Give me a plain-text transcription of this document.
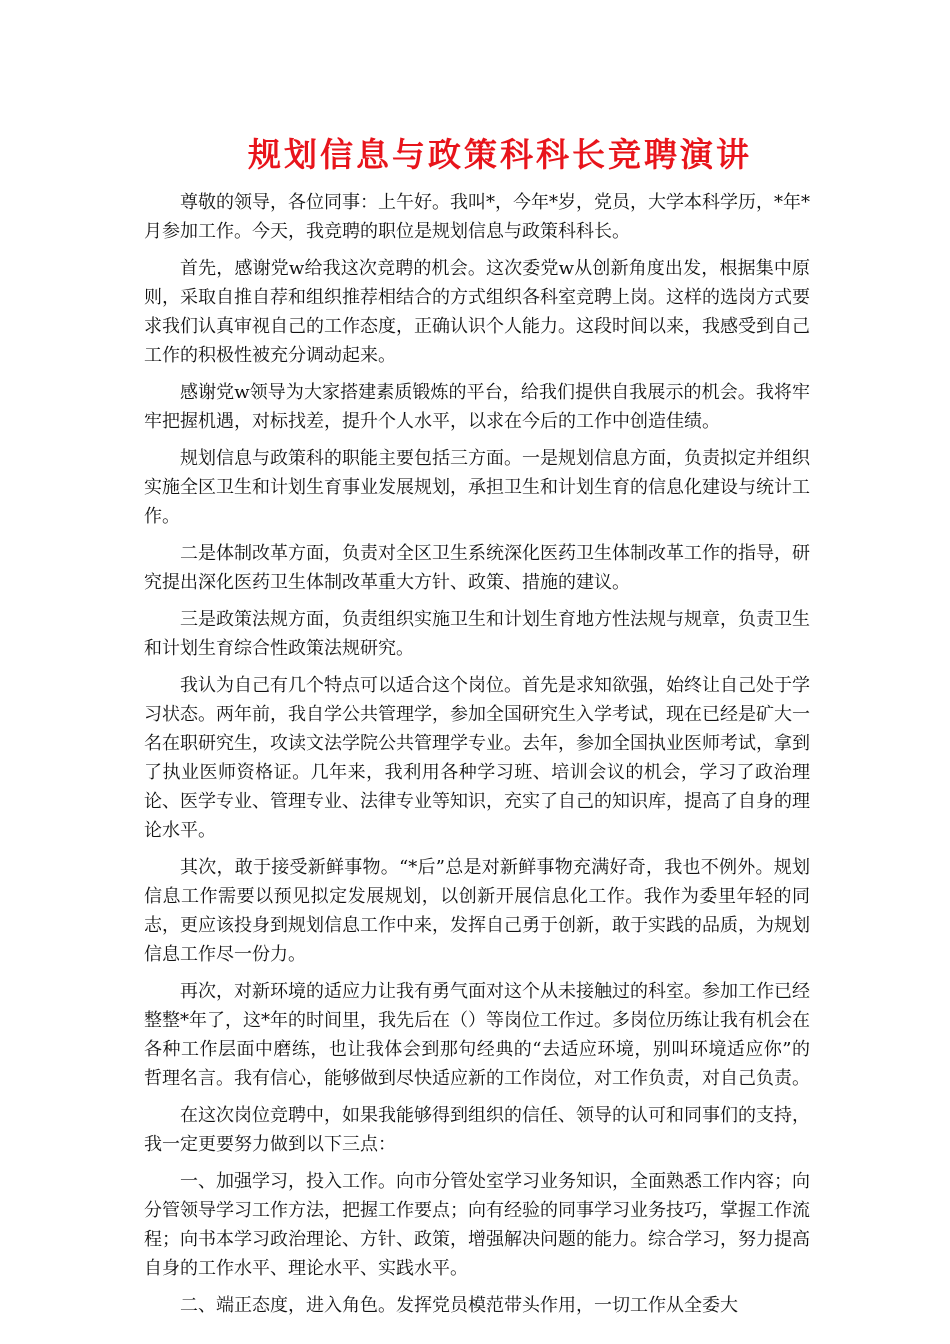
规划信息与政策科科长竞聘演讲

尊敬的领导，各位同事：上午好。我叫*，今年*岁，党员，大学本科学历，*年*月参加工作。今天，我竞聘的职位是规划信息与政策科科长。

首先，感谢党w给我这次竞聘的机会。这次委党w从创新角度出发，根据集中原则，采取自推自荐和组织推荐相结合的方式组织各科室竞聘上岗。这样的选岗方式要求我们认真审视自己的工作态度，正确认识个人能力。这段时间以来，我感受到自己工作的积极性被充分调动起来。

感谢党w领导为大家搭建素质锻炼的平台，给我们提供自我展示的机会。我将牢牢把握机遇，对标找差，提升个人水平，以求在今后的工作中创造佳绩。

规划信息与政策科的职能主要包括三方面。一是规划信息方面，负责拟定并组织实施全区卫生和计划生育事业发展规划，承担卫生和计划生育的信息化建设与统计工作。

二是体制改革方面，负责对全区卫生系统深化医药卫生体制改革工作的指导，研究提出深化医药卫生体制改革重大方针、政策、措施的建议。

三是政策法规方面，负责组织实施卫生和计划生育地方性法规与规章，负责卫生和计划生育综合性政策法规研究。

我认为自己有几个特点可以适合这个岗位。首先是求知欲强，始终让自己处于学习状态。两年前，我自学公共管理学，参加全国研究生入学考试，现在已经是矿大一名在职研究生，攻读文法学院公共管理学专业。去年，参加全国执业医师考试，拿到了执业医师资格证。几年来，我利用各种学习班、培训会议的机会，学习了政治理论、医学专业、管理专业、法律专业等知识，充实了自己的知识库，提高了自身的理论水平。

其次，敢于接受新鲜事物。“*后”总是对新鲜事物充满好奇，我也不例外。规划信息工作需要以预见拟定发展规划，以创新开展信息化工作。我作为委里年轻的同志，更应该投身到规划信息工作中来，发挥自己勇于创新，敢于实践的品质，为规划信息工作尽一份力。

再次，对新环境的适应力让我有勇气面对这个从未接触过的科室。参加工作已经整整*年了，这*年的时间里，我先后在（）等岗位工作过。多岗位历练让我有机会在各种工作层面中磨练，也让我体会到那句经典的“去适应环境，别叫环境适应你”的哲理名言。我有信心，能够做到尽快适应新的工作岗位，对工作负责，对自己负责。

在这次岗位竞聘中，如果我能够得到组织的信任、领导的认可和同事们的支持，我一定更要努力做到以下三点：

一、加强学习，投入工作。向市分管处室学习业务知识，全面熟悉工作内容；向分管领导学习工作方法，把握工作要点；向有经验的同事学习业务技巧，掌握工作流程；向书本学习政治理论、方针、政策，增强解决问题的能力。综合学习，努力提高自身的工作水平、理论水平、实践水平。

二、端正态度，进入角色。发挥党员模范带头作用，一切工作从全委大
